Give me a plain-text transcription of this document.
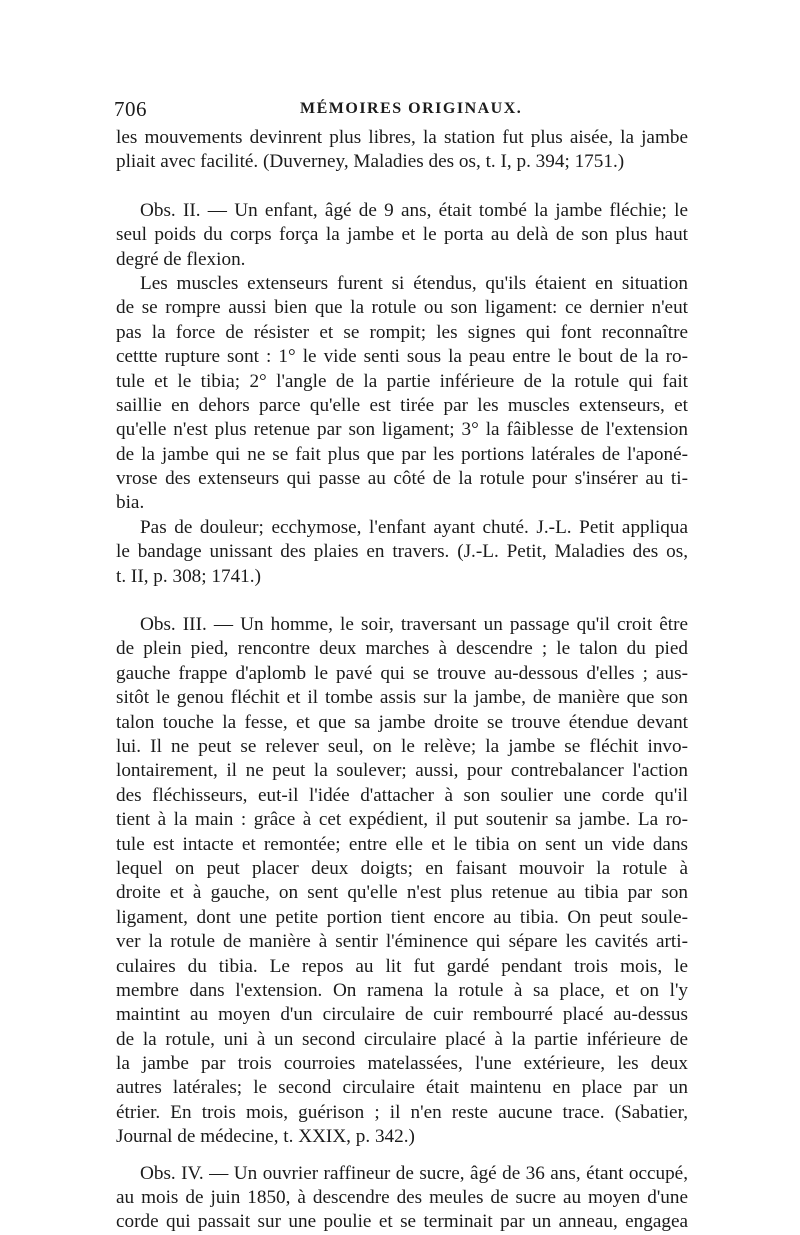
706	MÉMOIRES ORIGINAUX.
les mouvements devinrent plus libres, la station fut plus aisée, la jambe
pliait avec facilité. (Duverney, Maladies des os, t. I, p. 394; 1751.)
Obs. II. — Un enfant, âgé de 9 ans, était tombé la jambe fléchie; le
seul poids du corps força la jambe et le porta au delà de son plus haut
degré de flexion.
Les muscles extenseurs furent si étendus, qu'ils étaient en situation
de se rompre aussi bien que la rotule ou son ligament: ce dernier n'eut
pas la force de résister et se rompit; les signes qui font reconnaître
cettte rupture sont : 1° le vide senti sous la peau entre le bout de la ro-
tule et le tibia; 2° l'angle de la partie inférieure de la rotule qui fait
saillie en dehors parce qu'elle est tirée par les muscles extenseurs, et
qu'elle n'est plus retenue par son ligament; 3° la fâiblesse de l'extension
de la jambe qui ne se fait plus que par les portions latérales de l'aponé-
vrose des extenseurs qui passe au côté de la rotule pour s'insérer au ti-
bia.
Pas de douleur; ecchymose, l'enfant ayant chuté. J.-L. Petit appliqua
le bandage unissant des plaies en travers. (J.-L. Petit, Maladies des os,
t. II, p. 308; 1741.)
Obs. III. — Un homme, le soir, traversant un passage qu'il croit être
de plein pied, rencontre deux marches à descendre ; le talon du pied
gauche frappe d'aplomb le pavé qui se trouve au-dessous d'elles ; aus-
sitôt le genou fléchit et il tombe assis sur la jambe, de manière que son
talon touche la fesse, et que sa jambe droite se trouve étendue devant
lui. Il ne peut se relever seul, on le relève; la jambe se fléchit invo-
lontairement, il ne peut la soulever; aussi, pour contrebalancer l'action
des fléchisseurs, eut-il l'idée d'attacher à son soulier une corde qu'il
tient à la main : grâce à cet expédient, il put soutenir sa jambe. La ro-
tule est intacte et remontée; entre elle et le tibia on sent un vide dans
lequel on peut placer deux doigts; en faisant mouvoir la rotule à
droite et à gauche, on sent qu'elle n'est plus retenue au tibia par son
ligament, dont une petite portion tient encore au tibia. On peut soule-
ver la rotule de manière à sentir l'éminence qui sépare les cavités arti-
culaires du tibia. Le repos au lit fut gardé pendant trois mois, le
membre dans l'extension. On ramena la rotule à sa place, et on l'y
maintint au moyen d'un circulaire de cuir rembourré placé au-dessus
de la rotule, uni à un second circulaire placé à la partie inférieure de
la jambe par trois courroies matelassées, l'une extérieure, les deux
autres latérales; le second circulaire était maintenu en place par un
étrier. En trois mois, guérison ; il n'en reste aucune trace. (Sabatier,
Journal de médecine, t. XXIX, p. 342.)
Obs. IV. — Un ouvrier raffineur de sucre, âgé de 36 ans, étant occupé,
au mois de juin 1850, à descendre des meules de sucre au moyen d'une
corde qui passait sur une poulie et se terminait par un anneau, engagea
